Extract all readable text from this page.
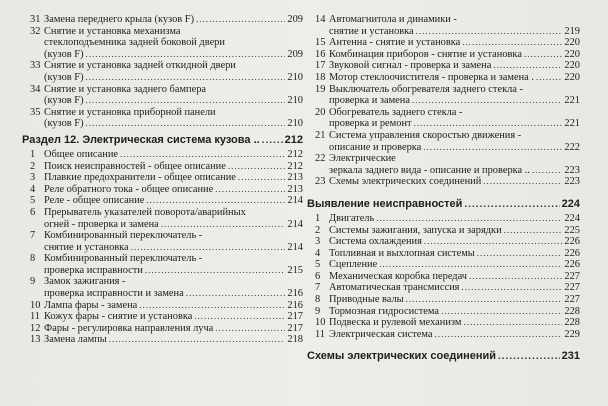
31 Замена переднего крыла (кузов F) .....	209
32 Снятие и установка механизма
стеклоподъемника задней боковой двери
(кузов F) .....	209
33 Снятие и установка задней откидной двери
(кузов F) .....	210
34 Снятие и установка заднего бампера
(кузов F) .....	210
35 Снятие и установка приборной панели
(кузов F) .....	210
Раздел 12. Электрическая система кузова .. ..... 212
1 Общее описание .....	212
2 Поиск неисправностей - общее описание .....	212
3 Плавкие предохранители - общее описание .....	213
4 Реле обратного тока - общее описание .....	213
5 Реле - общее описание .....	214
6 Прерыватель указателей поворота/аварийных
огней - проверка и замена .....	214
7 Комбинированный переключатель -
снятие и установка .....	214
8 Комбинированный переключатель -
проверка исправности .....	215
9 Замок зажигания -
проверка исправности и замена .....	216
10 Лампа фары - замена .....	216
11 Кожух фары - снятие и установка .....	217
12 Фары - регулировка направления луча .....	217
13 Замена лампы .....	218
14 Автомагнитола и динамики -
снятие и установка .....	219
15 Антенна - снятие и установка .....	220
16 Комбинация приборов - снятие и установка .....	220
17 Звуковой сигнал - проверка и замена .....	220
18 Мотор стеклоочистителя - проверка и замена . .....	220
19 Выключатель обогревателя заднего стекла -
проверка и замена .....	221
20 Обогреватель заднего стекла -
проверка и ремонт .....	221
21 Система управления скоростью движения -
описание и проверка .....	222
22 Электрические
зеркала заднего вида - описание и проверка .. .....	223
23 Схемы электрических соединений .....	223
Выявление неисправностей .....	224
1 Двигатель .....	224
2 Системы зажигания, запуска и зарядки .....	225
3 Система охлаждения .....	226
4 Топливная и выхлопная системы .....	226
5 Сцепление .....	226
6 Механическая коробка передач .....	227
7 Автоматическая трансмиссия .....	227
8 Приводные валы .....	227
9 Тормозная гидросистема .....	228
10 Подвеска и рулевой механизм .....	228
11 Электрическая система .....	229
Схемы электрических соединений .....	231
